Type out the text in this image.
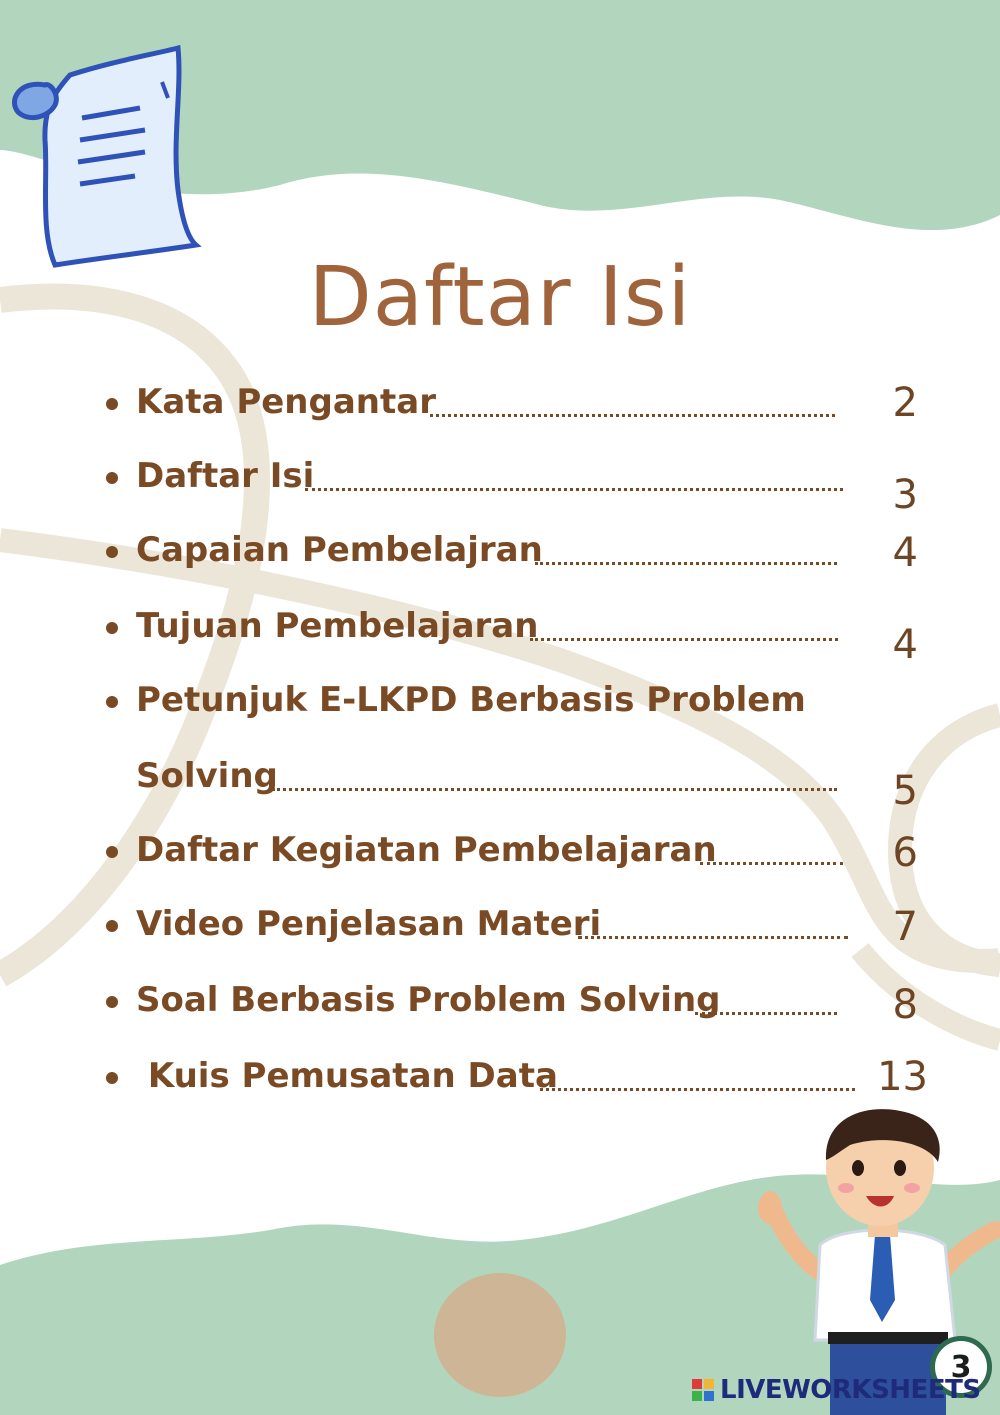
Daftar Isi
Kata Pengantar	2
Daftar Isi	3
Capaian Pembelajran	4
Tujuan Pembelajaran	4
Petunjuk E-LKPD Berbasis Problem
Solving	5
Daftar Kegiatan Pembelajaran	6
Video Penjelasan Materi	7
Soal Berbasis Problem Solving	8
Kuis Pemusatan Data	13
3
LIVEWORKSHEETS
